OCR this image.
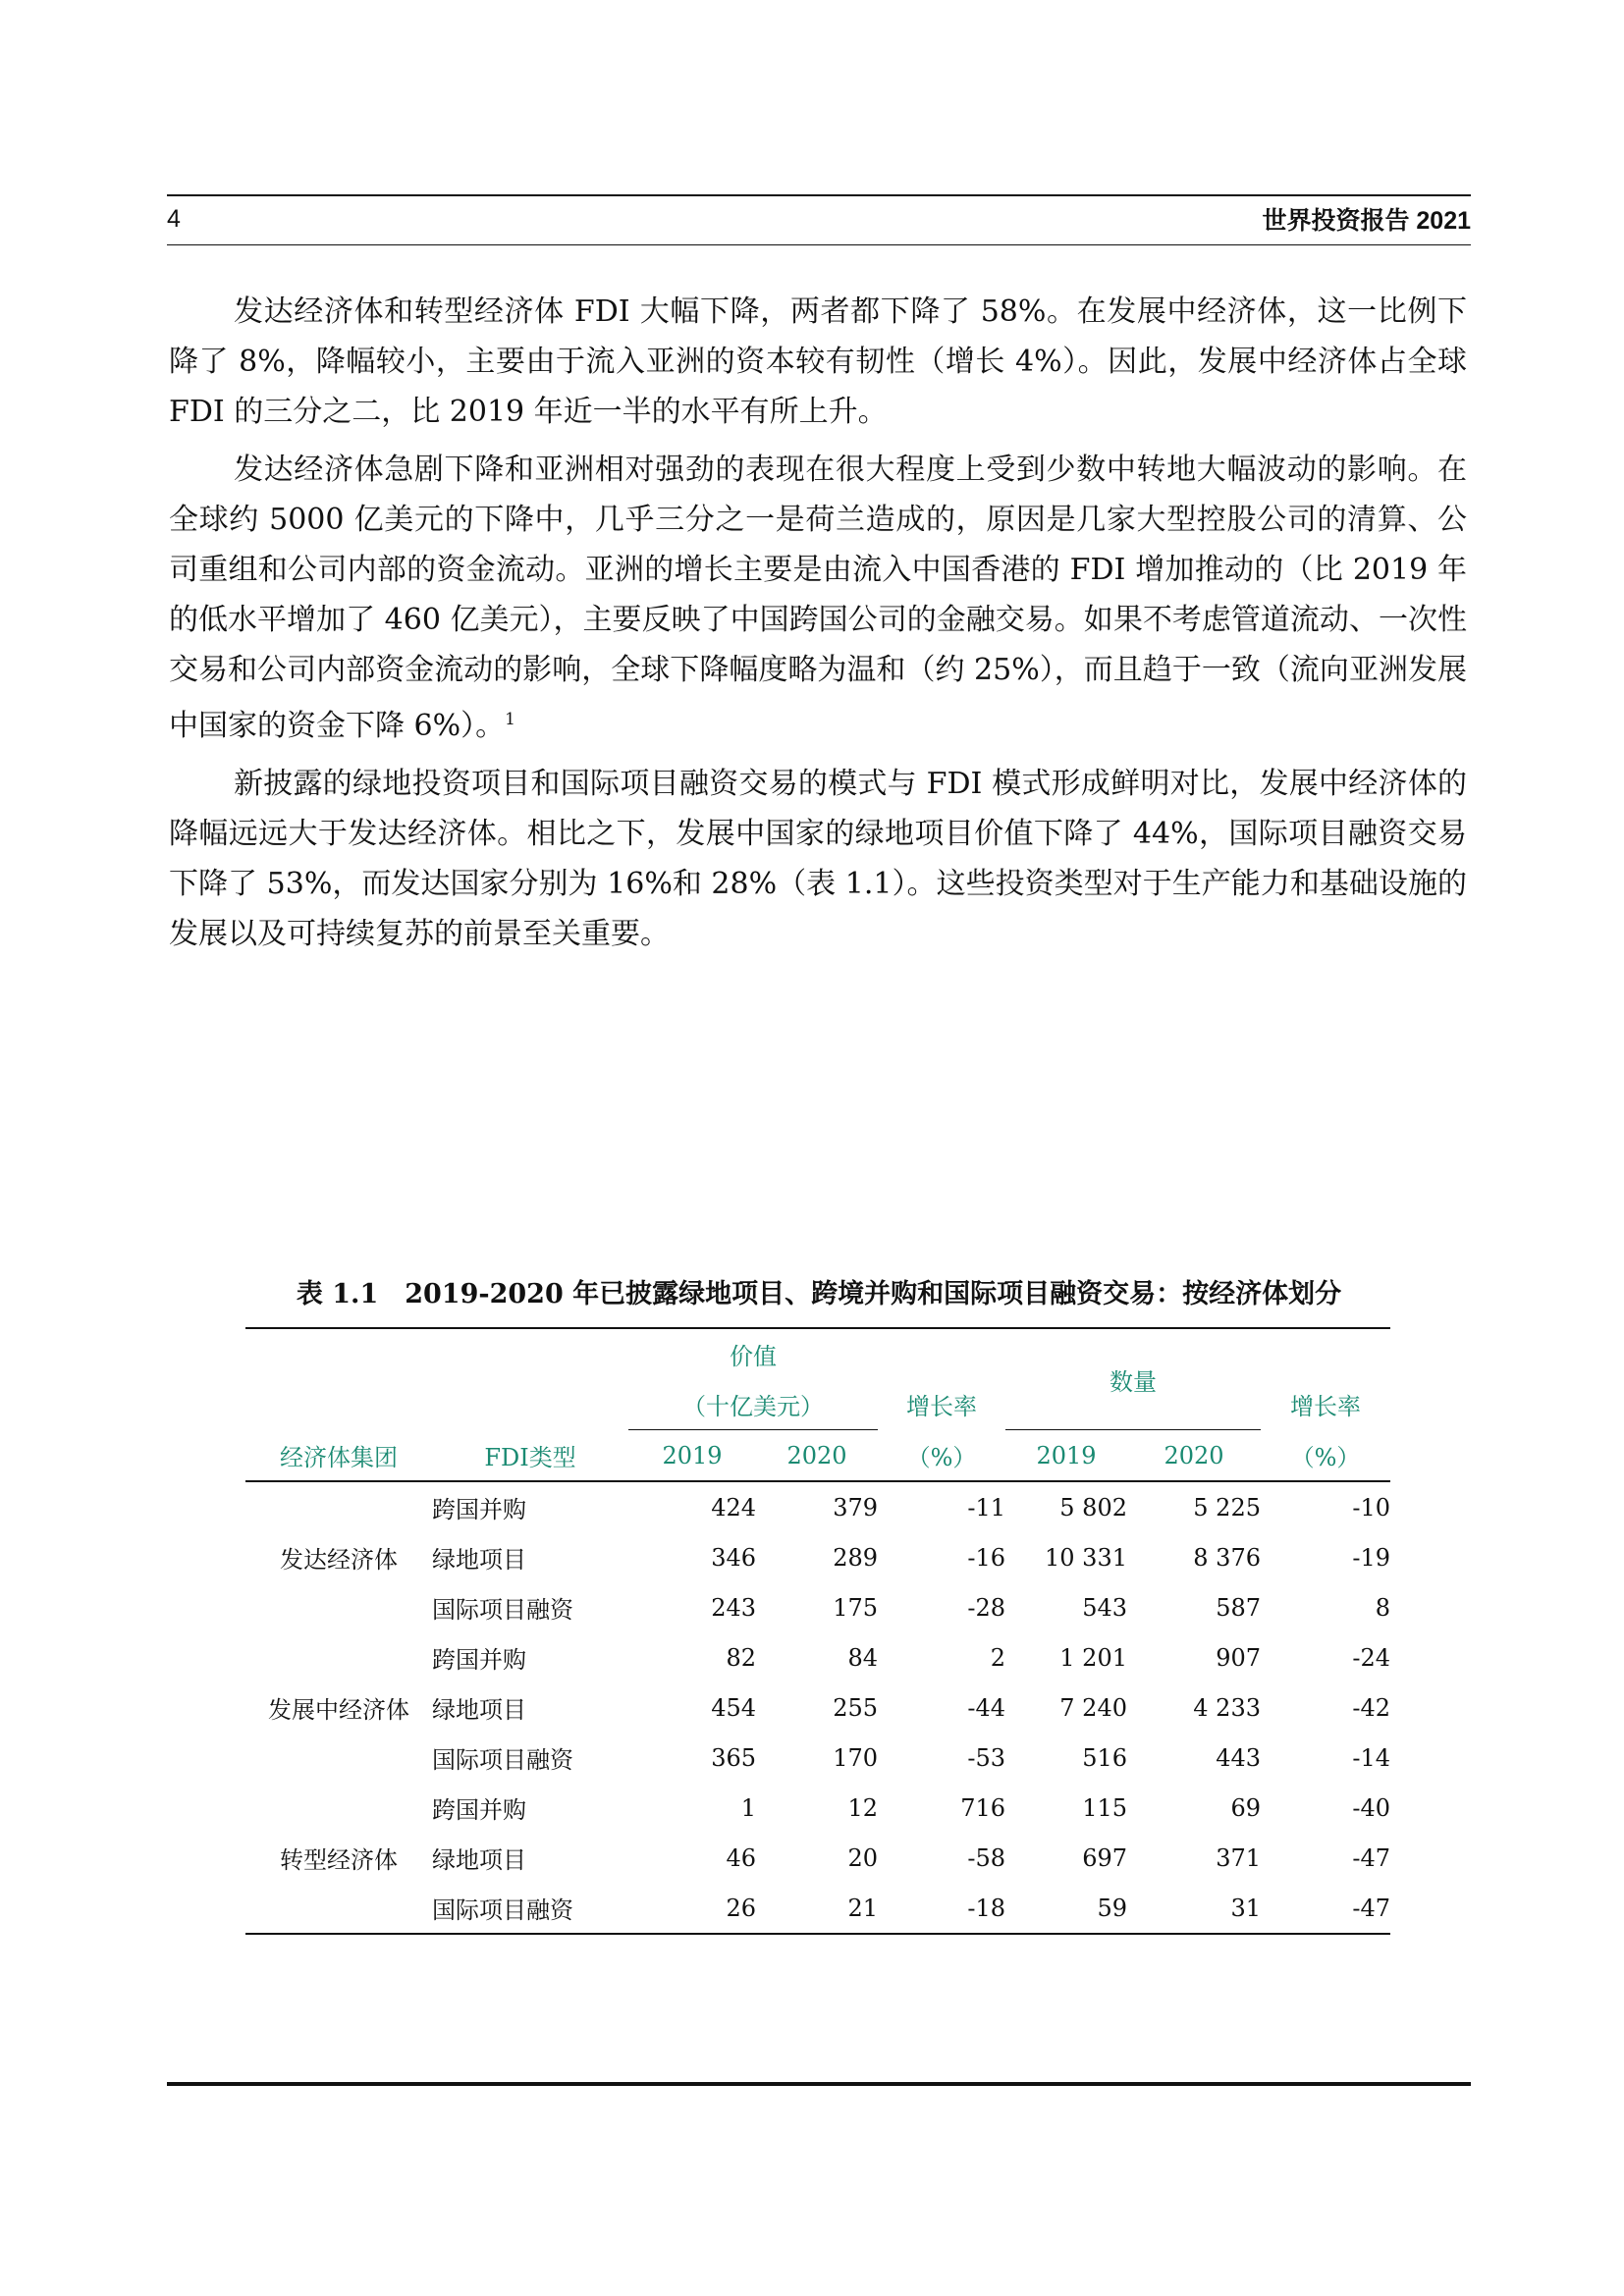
4	世界投资报告 2021

发达经济体和转型经济体 FDI 大幅下降，两者都下降了 58%。在发展中经济体，这一比例下降了 8%，降幅较小，主要由于流入亚洲的资本较有韧性（增长 4%）。因此，发展中经济体占全球 FDI 的三分之二，比 2019 年近一半的水平有所上升。

发达经济体急剧下降和亚洲相对强劲的表现在很大程度上受到少数中转地大幅波动的影响。在全球约 5000 亿美元的下降中，几乎三分之一是荷兰造成的，原因是几家大型控股公司的清算、公司重组和公司内部的资金流动。亚洲的增长主要是由流入中国香港的 FDI 增加推动的（比 2019 年的低水平增加了 460 亿美元），主要反映了中国跨国公司的金融交易。如果不考虑管道流动、一次性交易和公司内部资金流动的影响，全球下降幅度略为温和（约 25%），而且趋于一致（流向亚洲发展中国家的资金下降 6%）。$^1$

新披露的绿地投资项目和国际项目融资交易的模式与 FDI 模式形成鲜明对比，发展中经济体的降幅远远大于发达经济体。相比之下，发展中国家的绿地项目价值下降了 44%，国际项目融资交易下降了 53%，而发达国家分别为 16%和 28%（表 1.1）。这些投资类型对于生产能力和基础设施的发展以及可持续复苏的前景至关重要。

表 1.1　2019-2020 年已披露绿地项目、跨境并购和国际项目融资交易：按经济体划分
		价值			数量		
		（十亿美元）		增长率			增长率
经济体集团	FDI类型	2019	2020	（%）	2019	2020	（%）
	跨国并购	424	379	-11	5 802	5 225	-10
发达经济体	绿地项目	346	289	-16	10 331	8 376	-19
	国际项目融资	243	175	-28	543	587	8
	跨国并购	82	84	2	1 201	907	-24
发展中经济体	绿地项目	454	255	-44	7 240	4 233	-42
	国际项目融资	365	170	-53	516	443	-14
	跨国并购	1	12	716	115	69	-40
转型经济体	绿地项目	46	20	-58	697	371	-47
	国际项目融资	26	21	-18	59	31	-47
